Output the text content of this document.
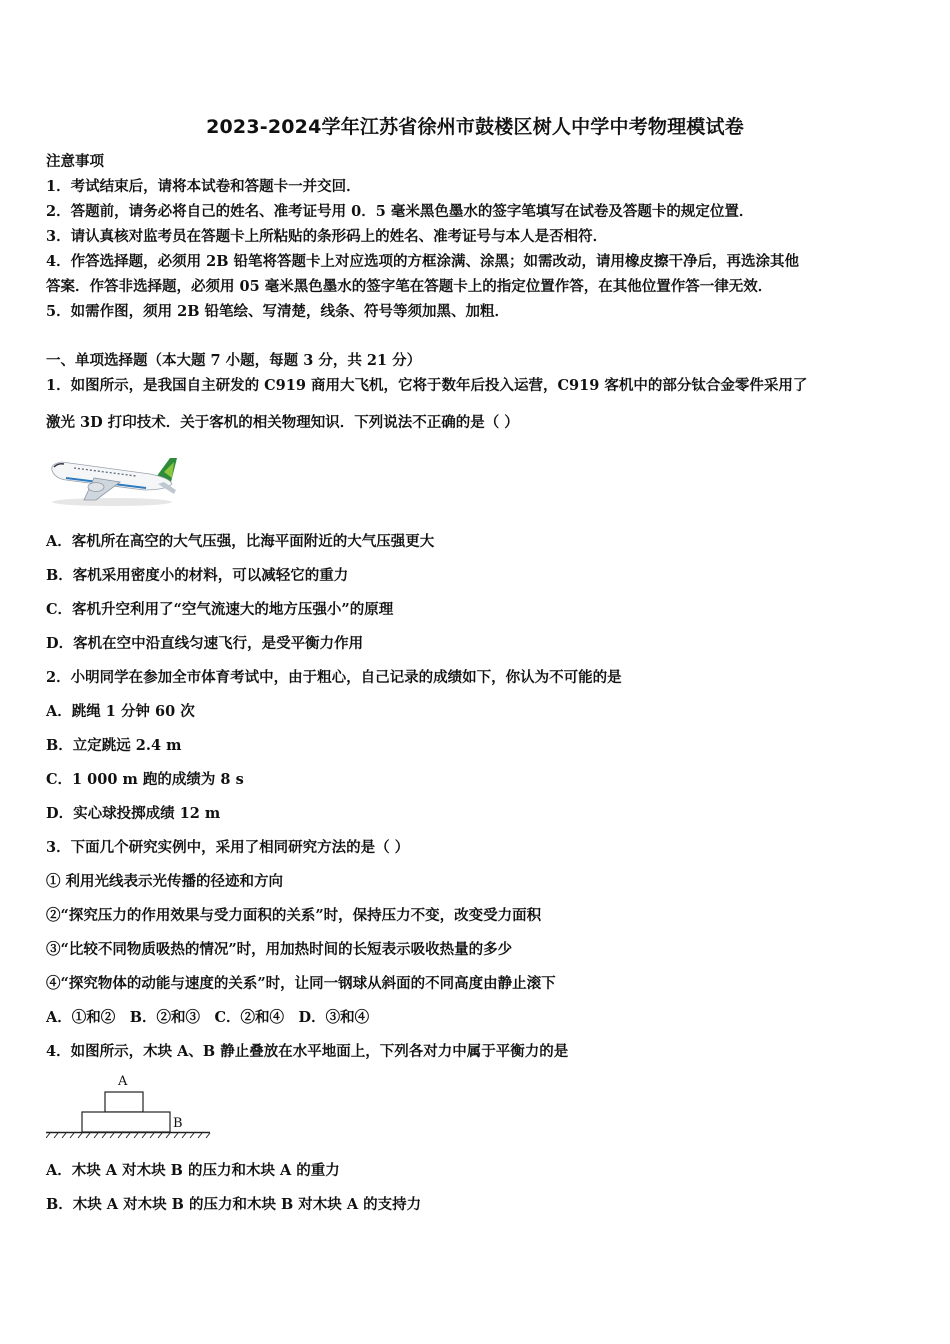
2023-2024学年江苏省徐州市鼓楼区树人中学中考物理模试卷
注意事项
1．考试结束后，请将本试卷和答题卡一并交回．
2．答题前，请务必将自己的姓名、准考证号用 0．5 毫米黑色墨水的签字笔填写在试卷及答题卡的规定位置．
3．请认真核对监考员在答题卡上所粘贴的条形码上的姓名、准考证号与本人是否相符．
4．作答选择题，必须用 2B 铅笔将答题卡上对应选项的方框涂满、涂黑；如需改动，请用橡皮擦干净后，再选涂其他
答案．作答非选择题，必须用 05 毫米黑色墨水的签字笔在答题卡上的指定位置作答，在其他位置作答一律无效．
5．如需作图，须用 2B 铅笔绘、写清楚，线条、符号等须加黑、加粗．
一、单项选择题（本大题 7 小题，每题 3 分，共 21 分）
1．如图所示，是我国自主研发的 C919 商用大飞机，它将于数年后投入运营，C919 客机中的部分钛合金零件采用了
激光 3D 打印技术．关于客机的相关物理知识．下列说法不正确的是（ ）
A．客机所在高空的大气压强，比海平面附近的大气压强更大
B．客机采用密度小的材料，可以减轻它的重力
C．客机升空利用了“空气流速大的地方压强小”的原理
D．客机在空中沿直线匀速飞行，是受平衡力作用
2．小明同学在参加全市体育考试中，由于粗心，自己记录的成绩如下，你认为不可能的是
A．跳绳 1 分钟 60 次
B．立定跳远 2.4 m
C．1 000 m 跑的成绩为 8 s
D．实心球投掷成绩 12 m
3．下面几个研究实例中，采用了相同研究方法的是（ ）
① 利用光线表示光传播的径迹和方向
②“探究压力的作用效果与受力面积的关系”时，保持压力不变，改变受力面积
③“比较不同物质吸热的情况”时，用加热时间的长短表示吸收热量的多少
④“探究物体的动能与速度的关系”时，让同一钢球从斜面的不同高度由静止滚下
A．①和②　B．②和③　C．②和④　D．③和④
4．如图所示，木块 A、B 静止叠放在水平地面上，下列各对力中属于平衡力的是
A
B
A．木块 A 对木块 B 的压力和木块 A 的重力
B．木块 A 对木块 B 的压力和木块 B 对木块 A 的支持力
